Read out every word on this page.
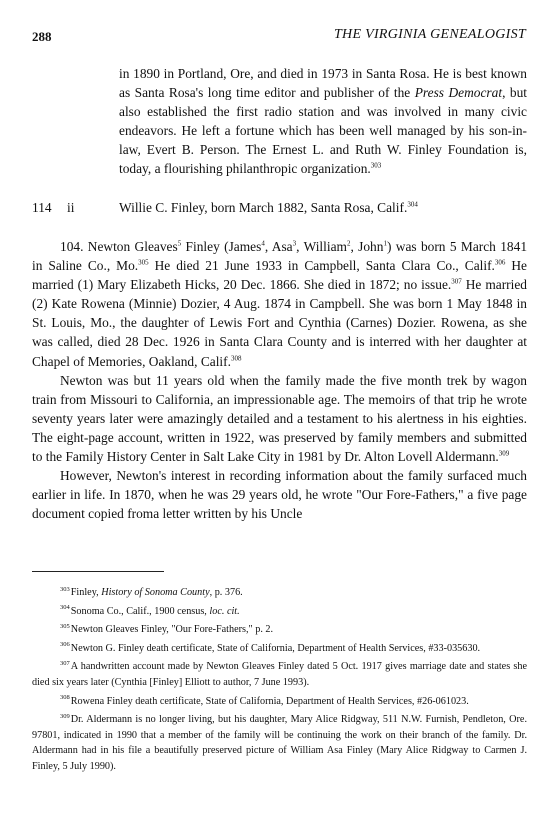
288	THE VIRGINIA GENEALOGIST
in 1890 in Portland, Ore, and died in 1973 in Santa Rosa. He is best known as Santa Rosa's long time editor and publisher of the Press Democrat, but also established the first radio station and was involved in many civic endeavors. He left a fortune which has been well managed by his son-in-law, Evert B. Person. The Ernest L. and Ruth W. Finley Foundation is, today, a flourishing philanthropic organization.$^{303}$
114 ii	Willie C. Finley, born March 1882, Santa Rosa, Calif.$^{304}$

104. Newton Gleaves$^5$ Finley (James$^4$, Asa$^3$, William$^2$, John$^1$) was born 5 March 1841 in Saline Co., Mo.$^{305}$ He died 21 June 1933 in Campbell, Santa Clara Co., Calif.$^{306}$ He married (1) Mary Elizabeth Hicks, 20 Dec. 1866. She died in 1872; no issue.$^{307}$ He married (2) Kate Rowena (Minnie) Dozier, 4 Aug. 1874 in Campbell. She was born 1 May 1848 in St. Louis, Mo., the daughter of Lewis Fort and Cynthia (Carnes) Dozier. Rowena, as she was called, died 28 Dec. 1926 in Santa Clara County and is interred with her daughter at Chapel of Memories, Oakland, Calif.$^{308}$

Newton was but 11 years old when the family made the five month trek by wagon train from Missouri to California, an impressionable age. The memoirs of that trip he wrote seventy years later were amazingly detailed and a testament to his alertness in his eighties. The eight-page account, written in 1922, was preserved by family members and submitted to the Family History Center in Salt Lake City in 1981 by Dr. Alton Lovell Aldermann.$^{309}$

However, Newton's interest in recording information about the family surfaced much earlier in life. In 1870, when he was 29 years old, he wrote "Our Fore-Fathers," a five page document copied froma letter written by his Uncle

$^{303}$Finley, History of Sonoma County, p. 376.

$^{304}$Sonoma Co., Calif., 1900 census, loc. cit.

$^{305}$Newton Gleaves Finley, "Our Fore-Fathers," p. 2.

$^{306}$Newton G. Finley death certificate, State of California, Department of Health Services, #33-035630.

$^{307}$A handwritten account made by Newton Gleaves Finley dated 5 Oct. 1917 gives marriage date and states she died six years later (Cynthia [Finley] Elliott to author, 7 June 1993).

$^{308}$Rowena Finley death certificate, State of California, Department of Health Services, #26-061023.

$^{309}$Dr. Aldermann is no longer living, but his daughter, Mary Alice Ridgway, 511 N.W. Furnish, Pendleton, Ore. 97801, indicated in 1990 that a member of the family will be continuing the work on their branch of the family. Dr. Aldermann had in his file a beautifully preserved picture of William Asa Finley (Mary Alice Ridgway to Carmen J. Finley, 5 July 1990).
